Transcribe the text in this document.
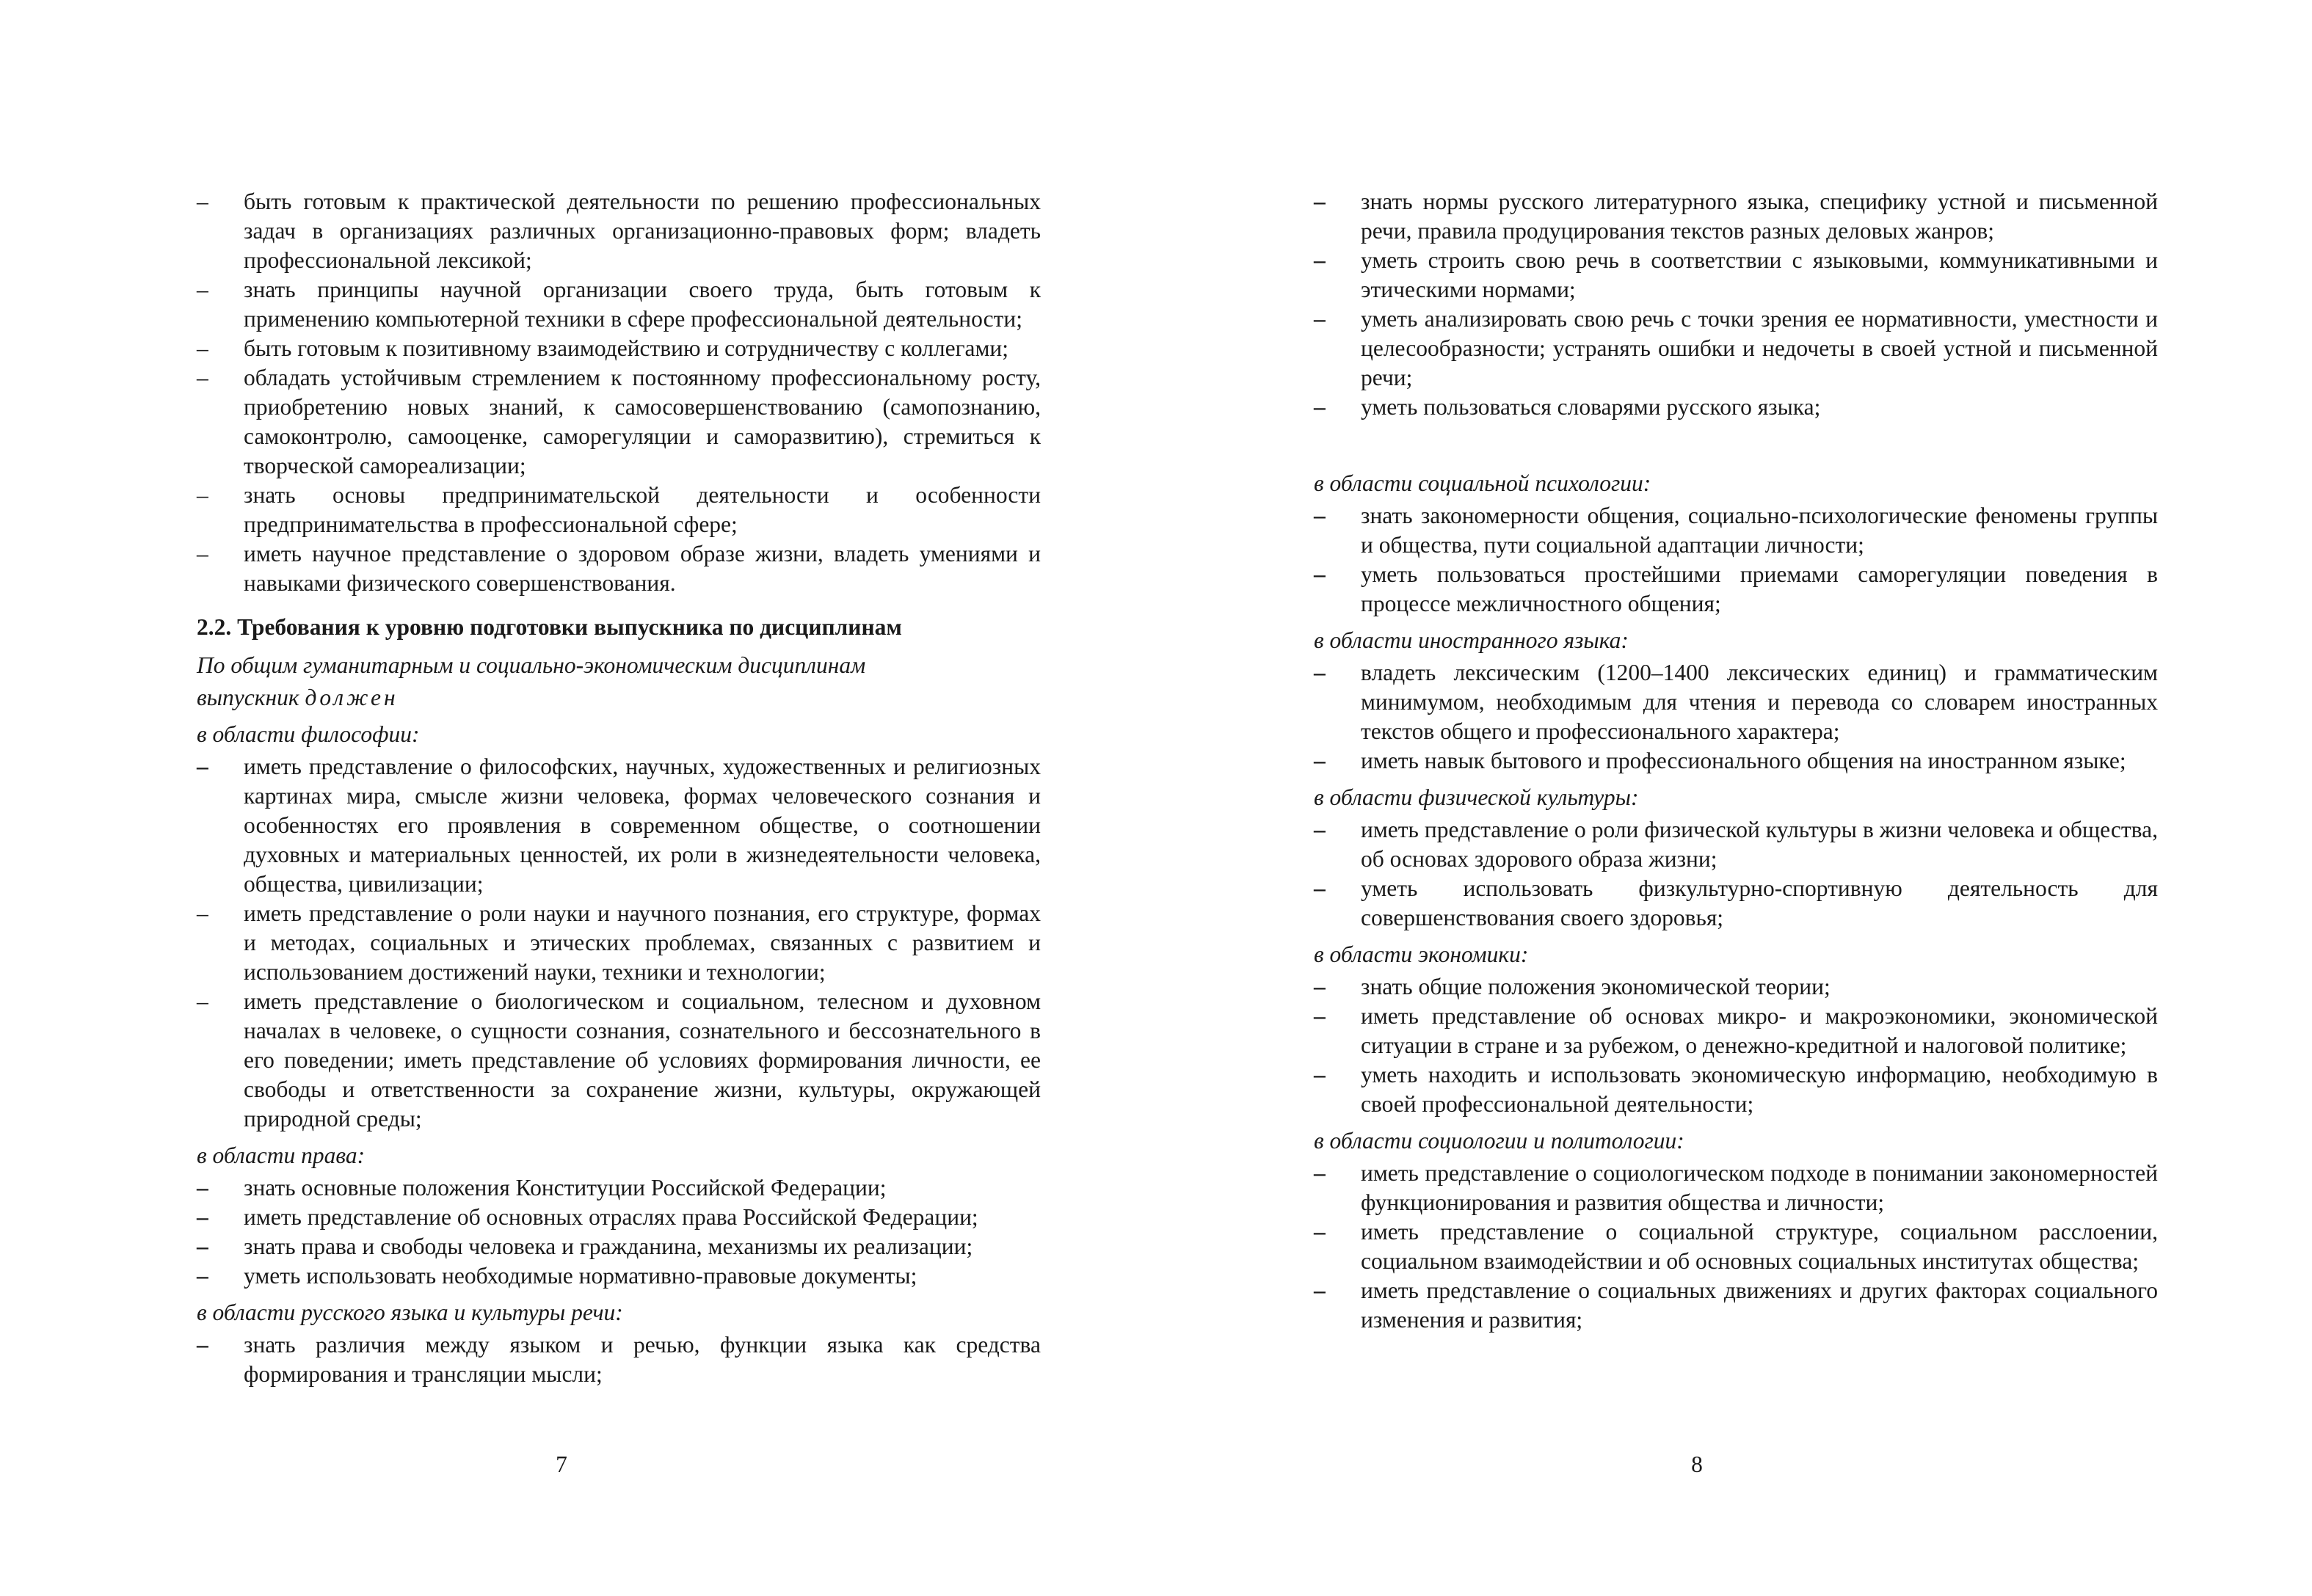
– быть готовым к практической деятельности по решению профессиональных задач в организациях различных организационно-правовых форм; владеть профессиональной лексикой;
– знать принципы научной организации своего труда, быть готовым к применению компьютерной техники в сфере профессиональной деятельности;
– быть готовым к позитивному взаимодействию и сотрудничеству с коллегами;
– обладать устойчивым стремлением к постоянному профессиональному росту, приобретению новых знаний, к самосовершенствованию (самопознанию, самоконтролю, самооценке, саморегуляции и саморазвитию), стремиться к творческой самореализации;
– знать основы предпринимательской деятельности и особенности предпринимательства в профессиональной сфере;
– иметь научное представление о здоровом образе жизни, владеть умениями и навыками физического совершенствования.
2.2. Требования к уровню подготовки выпускника по дисциплинам
По общим гуманитарным и социально-экономическим дисциплинам
выпускник должен
в области философии:
– иметь представление о философских, научных, художественных и религиозных картинах мира, смысле жизни человека, формах человеческого сознания и особенностях его проявления в современном обществе, о соотношении духовных и материальных ценностей, их роли в жизнедеятельности человека, общества, цивилизации;
– иметь представление о роли науки и научного познания, его структуре, формах и методах, социальных и этических проблемах, связанных с развитием и использованием достижений науки, техники и технологии;
– иметь представление о биологическом и социальном, телесном и духовном началах в человеке, о сущности сознания, сознательного и бессознательного в его поведении; иметь представление об условиях формирования личности, ее свободы и ответственности за сохранение жизни, культуры, окружающей природной среды;
в области права:
– знать основные положения Конституции Российской Федерации;
– иметь представление об основных отраслях права Российской Федерации;
– знать права и свободы человека и гражданина, механизмы их реализации;
– уметь использовать необходимые нормативно-правовые документы;
в области русского языка и культуры речи:
– знать различия между языком и речью, функции языка как средства формирования и трансляции мысли;
7
– знать нормы русского литературного языка, специфику устной и письменной речи, правила продуцирования текстов разных деловых жанров;
– уметь строить свою речь в соответствии с языковыми, коммуникативными и этическими нормами;
– уметь анализировать свою речь с точки зрения ее нормативности, уместности и целесообразности; устранять ошибки и недочеты в своей устной и письменной речи;
– уметь пользоваться словарями русского языка;
в области социальной психологии:
– знать закономерности общения, социально-психологические феномены группы и общества, пути социальной адаптации личности;
– уметь пользоваться простейшими приемами саморегуляции поведения в процессе межличностного общения;
в области иностранного языка:
– владеть лексическим (1200–1400 лексических единиц) и грамматическим минимумом, необходимым для чтения и перевода со словарем иностранных текстов общего и профессионального характера;
– иметь навык бытового и профессионального общения на иностранном языке;
в области физической культуры:
– иметь представление о роли физической культуры в жизни человека и общества, об основах здорового образа жизни;
– уметь использовать физкультурно-спортивную деятельность для совершенствования своего здоровья;
в области экономики:
– знать общие положения экономической теории;
– иметь представление об основах микро- и макроэкономики, экономической ситуации в стране и за рубежом, о денежно-кредитной и налоговой политике;
– уметь находить и использовать экономическую информацию, необходимую в своей профессиональной деятельности;
в области социологии и политологии:
– иметь представление о социологическом подходе в понимании закономерностей функционирования и развития общества и личности;
– иметь представление о социальной структуре, социальном расслоении, социальном взаимодействии и об основных социальных институтах общества;
– иметь представление о социальных движениях и других факторах социального изменения и развития;
8
